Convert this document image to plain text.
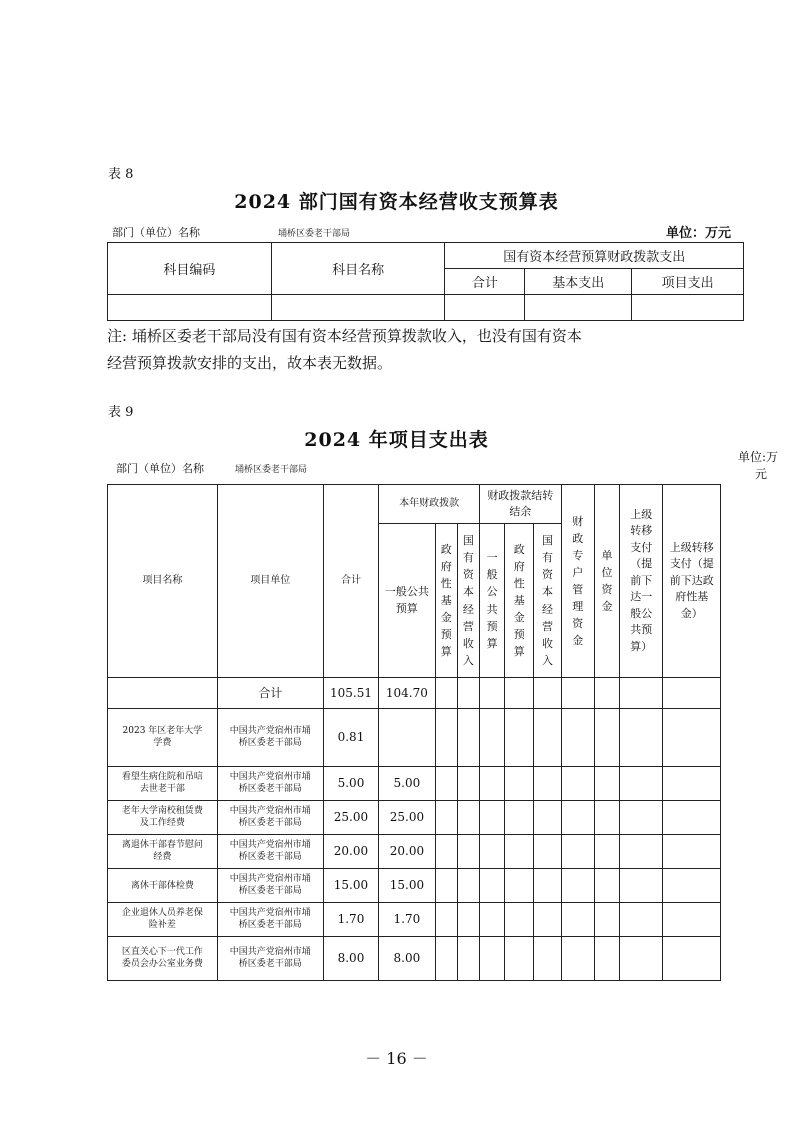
表 8
2024 部门国有资本经营收支预算表
部门（单位）名称	埇桥区委老干部局	单位：万元
科目编码	科目名称	国有资本经营预算财政拨款支出		
		合计	基本支出	项目支出

注: 埇桥区委老干部局没有国有资本经营预算拨款收入，也没有国有资本
经营预算拨款安排的支出，故本表无数据。
表 9
2024 年项目支出表
部门（单位）名称	埇桥区委老干部局
单位:万
元
项目名称	项目单位	合计	本年财政拨款			财政拨款结转结余			财政专户管理资金	单位资金	上级转移支付（提前下达一般公共预算）	上级转移支付（提前下达政府性基金）
			一般公共预算	政府性基金预算	国有资本经营收入	一般公共预算	政府性基金预算	国有资本经营收入				
	合计	105.51	104.70									
2023 年区老年大学学费	中国共产党宿州市埇桥区委老干部局	0.81										
看望生病住院和吊唁去世老干部	中国共产党宿州市埇桥区委老干部局	5.00	5.00									
老年大学南校租赁费及工作经费	中国共产党宿州市埇桥区委老干部局	25.00	25.00									
离退休干部春节慰问经费	中国共产党宿州市埇桥区委老干部局	20.00	20.00									
离休干部体检费	中国共产党宿州市埇桥区委老干部局	15.00	15.00									
企业退休人员养老保险补差	中国共产党宿州市埇桥区委老干部局	1.70	1.70									
区直关心下一代工作委员会办公室业务费	中国共产党宿州市埇桥区委老干部局	8.00	8.00									
－ 16 －
